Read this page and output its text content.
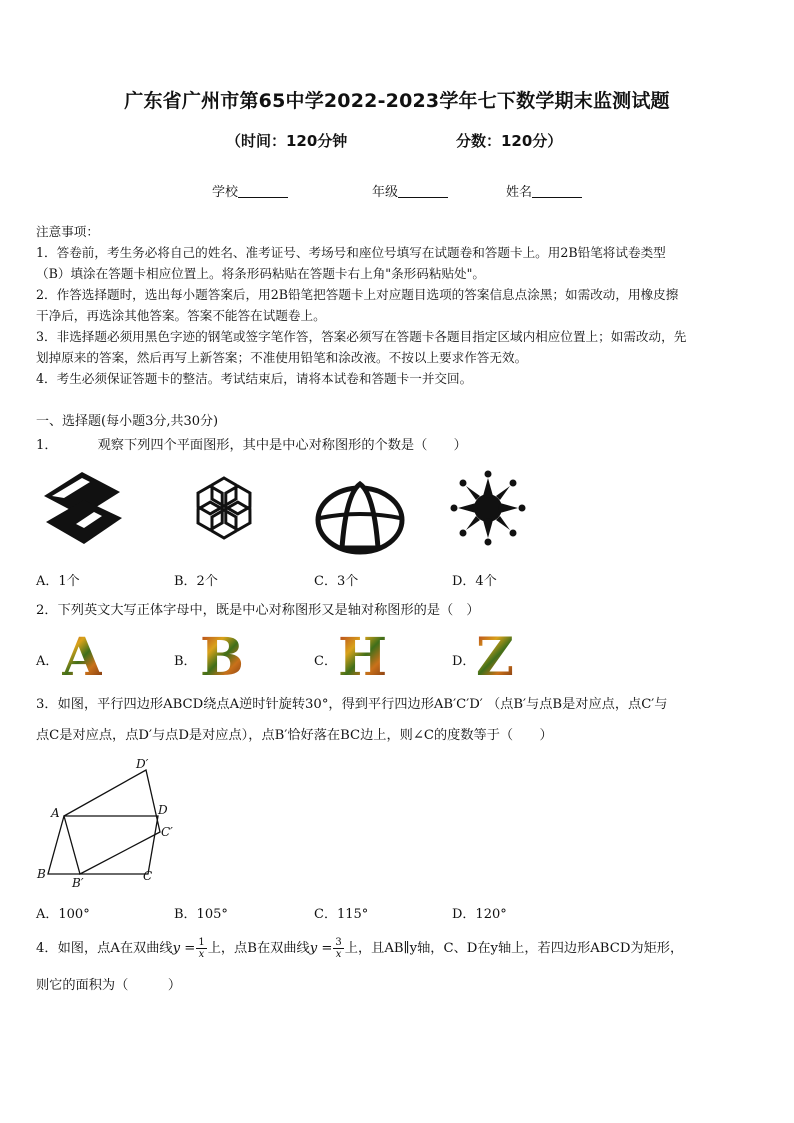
广东省广州市第65中学2022-2023学年七下数学期末监测试题
（时间：120分钟	分数：120分）
学校	年级	姓名

注意事项：

1．答卷前，考生务必将自己的姓名、准考证号、考场号和座位号填写在试题卷和答题卡上。用2B铅笔将试卷类型

（B）填涂在答题卡相应位置上。将条形码粘贴在答题卡右上角"条形码粘贴处"。

2．作答选择题时，选出每小题答案后，用2B铅笔把答题卡上对应题目选项的答案信息点涂黑；如需改动，用橡皮擦

干净后，再选涂其他答案。答案不能答在试题卷上。

3．非选择题必须用黑色字迹的钢笔或签字笔作答，答案必须写在答题卡各题目指定区域内相应位置上；如需改动，先

划掉原来的答案，然后再写上新答案；不准使用铅笔和涂改液。不按以上要求作答无效。

4．考生必须保证答题卡的整洁。考试结束后，请将本试卷和答题卡一并交回。

一、选择题(每小题3分,共30分)
1．	观察下列四个平面图形，其中是中心对称图形的个数是（　　）
A．1个	B．2个	C．3个	D．4个
2．下列英文大写正体字母中，既是中心对称图形又是轴对称图形的是（　）
A． A	B． B	C． H	D． Z
3．如图，平行四边形ABCD绕点A逆时针旋转30°，得到平行四边形AB′C′D′ （点B′与点B是对应点，点C′与
点C是对应点，点D′与点D是对应点），点B′恰好落在BC边上，则∠C的度数等于（　　）
D′
A	D
C′
B
B′	C
A．100°	B．105°	C．115°	D．120°
4．如图，点A在双曲线$y = \frac{1}{x}$ 上，点B在双曲线$y = \frac{3}{x}$ 上，且AB∥y轴，C、D在y轴上，若四边形ABCD为矩形，
则它的面积为（　　　）
